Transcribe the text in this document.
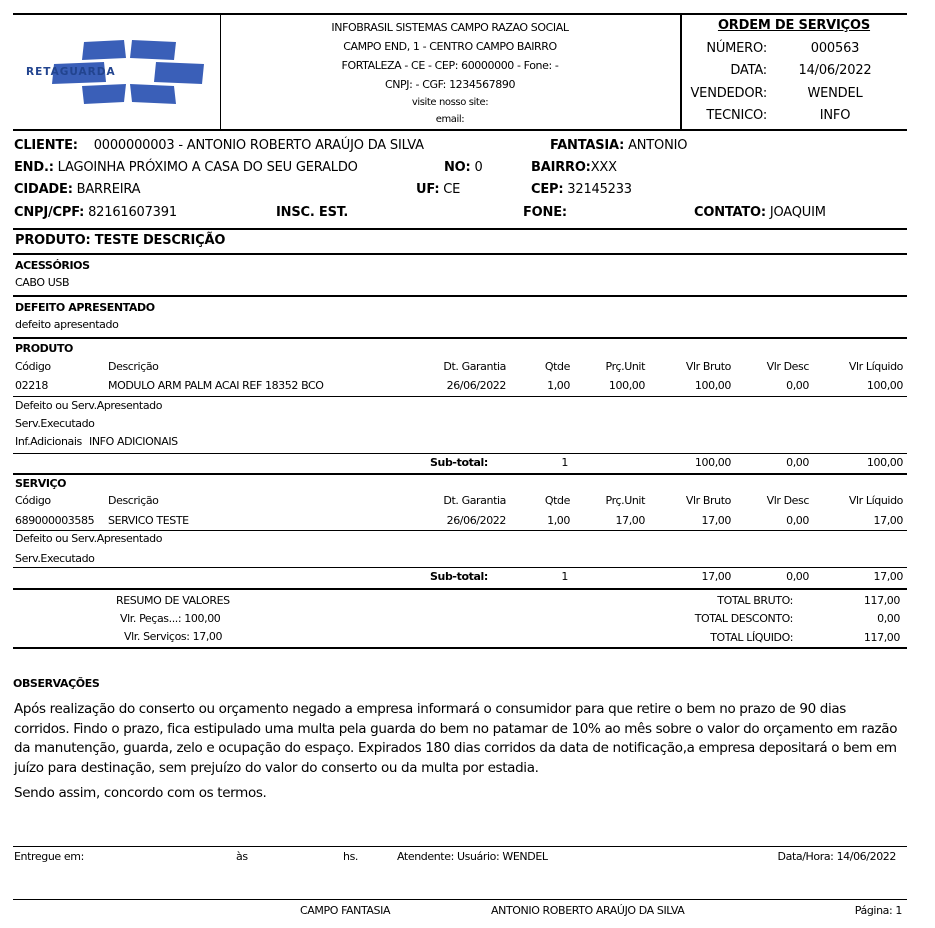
RETAGUARDA
INFOBRASIL SISTEMAS CAMPO RAZAO SOCIAL
CAMPO END, 1 - CENTRO CAMPO BAIRRO
FORTALEZA - CE - CEP: 60000000 - Fone: -
CNPJ: - CGF: 1234567890
visite nosso site:
email:
ORDEM DE SERVIÇOS
NÚMERO:	000563
DATA:	14/06/2022
VENDEDOR:	WENDEL
TECNICO:	INFO
CLIENTE: 0000000003 - ANTONIO ROBERTO ARAÚJO DA SILVA	FANTASIA: ANTONIO
END.: LAGOINHA PRÓXIMO A CASA DO SEU GERALDO	NO: 0	BAIRRO:XXX
CIDADE: BARREIRA	UF: CE	CEP: 32145233
CNPJ/CPF: 82161607391	INSC. EST.	FONE:	CONTATO: JOAQUIM
PRODUTO: TESTE DESCRIÇÃO
ACESSÓRIOS
CABO USB
DEFEITO APRESENTADO
defeito apresentado
PRODUTO
Código	Descrição	Dt. Garantia	Qtde	Prç.Unit	Vlr Bruto	Vlr Desc	Vlr Líquido
02218	MODULO ARM PALM ACAI REF 18352 BCO	26/06/2022	1,00	100,00	100,00	0,00	100,00
Defeito ou Serv.Apresentado
Serv.Executado
Inf.Adicionais INFO ADICIONAIS
Sub-total:	1	100,00	0,00	100,00
SERVIÇO
Código	Descrição	Dt. Garantia	Qtde	Prç.Unit	Vlr Bruto	Vlr Desc	Vlr Líquido
689000003585 SERVICO TESTE	26/06/2022	1,00	17,00	17,00	0,00	17,00
Defeito ou Serv.Apresentado
Serv.Executado
Sub-total:	1	17,00	0,00	17,00
RESUMO DE VALORES
Vlr. Peças...: 100,00
Vlr. Serviços: 17,00
TOTAL BRUTO:	117,00
TOTAL DESCONTO:	0,00
TOTAL LÍQUIDO:	117,00
OBSERVAÇÕES
Após realização do conserto ou orçamento negado a empresa informará o consumidor para que retire o bem no prazo de 90 dias corridos. Findo o prazo, fica estipulado uma multa pela guarda do bem no patamar de 10% ao mês sobre o valor do orçamento em razão da manutenção, guarda, zelo e ocupação do espaço. Expirados 180 dias corridos da data de notificação,a empresa depositará o bem em juízo para destinação, sem prejuízo do valor do conserto ou da multa por estadia.
Sendo assim, concordo com os termos.
Entregue em:	às	hs.	Atendente: Usuário: WENDEL	Data/Hora: 14/06/2022
CAMPO FANTASIA	ANTONIO ROBERTO ARAÚJO DA SILVA	Página: 1
